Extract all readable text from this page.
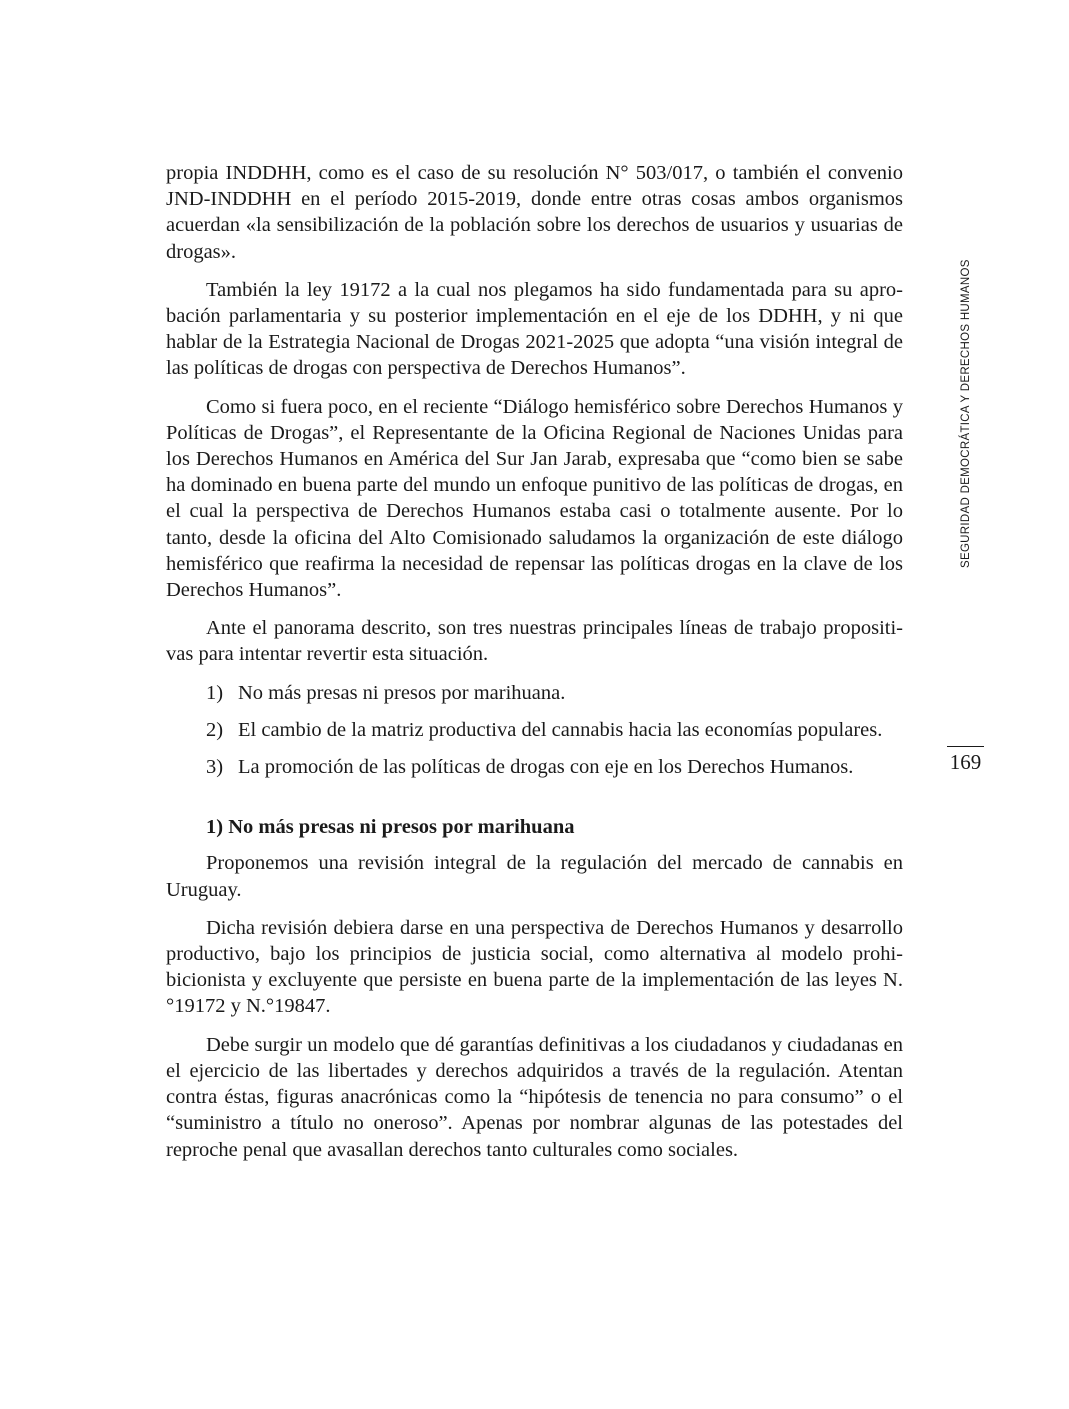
propia INDDHH, como es el caso de su resolución N° 503/017, o también el convenio JND-INDDHH en el período 2015-2019, donde entre otras cosas ambos organismos acuerdan «la sensibilización de la población sobre los derechos de usuarios y usuarias de drogas».

También la ley 19172 a la cual nos plegamos ha sido fundamentada para su aprobación parlamentaria y su posterior implementación en el eje de los DDHH, y ni que hablar de la Estrategia Nacional de Drogas 2021-2025 que adopta “una visión integral de las políticas de drogas con perspectiva de Derechos Humanos”.

Como si fuera poco, en el reciente “Diálogo hemisférico sobre Derechos Humanos y Políticas de Drogas”, el Representante de la Oficina Regional de Naciones Unidas para los Derechos Humanos en América del Sur Jan Jarab, expresaba que “como bien se sabe ha dominado en buena parte del mundo un enfoque punitivo de las políticas de drogas, en el cual la perspectiva de Derechos Humanos estaba casi o totalmente ausente. Por lo tanto, desde la oficina del Alto Comisionado saludamos la organización de este diálogo hemisférico que reafirma la necesidad de repensar las políticas drogas en la clave de los Derechos Humanos”.

Ante el panorama descrito, son tres nuestras principales líneas de trabajo propositivas para intentar revertir esta situación.

1) No más presas ni presos por marihuana.
2) El cambio de la matriz productiva del cannabis hacia las economías populares.
3) La promoción de las políticas de drogas con eje en los Derechos Humanos.
1) No más presas ni presos por marihuana

Proponemos una revisión integral de la regulación del mercado de cannabis en Uruguay.

Dicha revisión debiera darse en una perspectiva de Derechos Humanos y desarrollo productivo, bajo los principios de justicia social, como alternativa al modelo prohibicionista y excluyente que persiste en buena parte de la implementación de las leyes N.°19172 y N.°19847.

Debe surgir un modelo que dé garantías definitivas a los ciudadanos y ciudadanas en el ejercicio de las libertades y derechos adquiridos a través de la regulación. Atentan contra éstas, figuras anacrónicas como la “hipótesis de tenencia no para consumo” o el “suministro a título no oneroso”. Apenas por nombrar algunas de las potestades del reproche penal que avasallan derechos tanto culturales como sociales.

SEGURIDAD DEMOCRÁTICA Y DERECHOS HUMANOS
169
